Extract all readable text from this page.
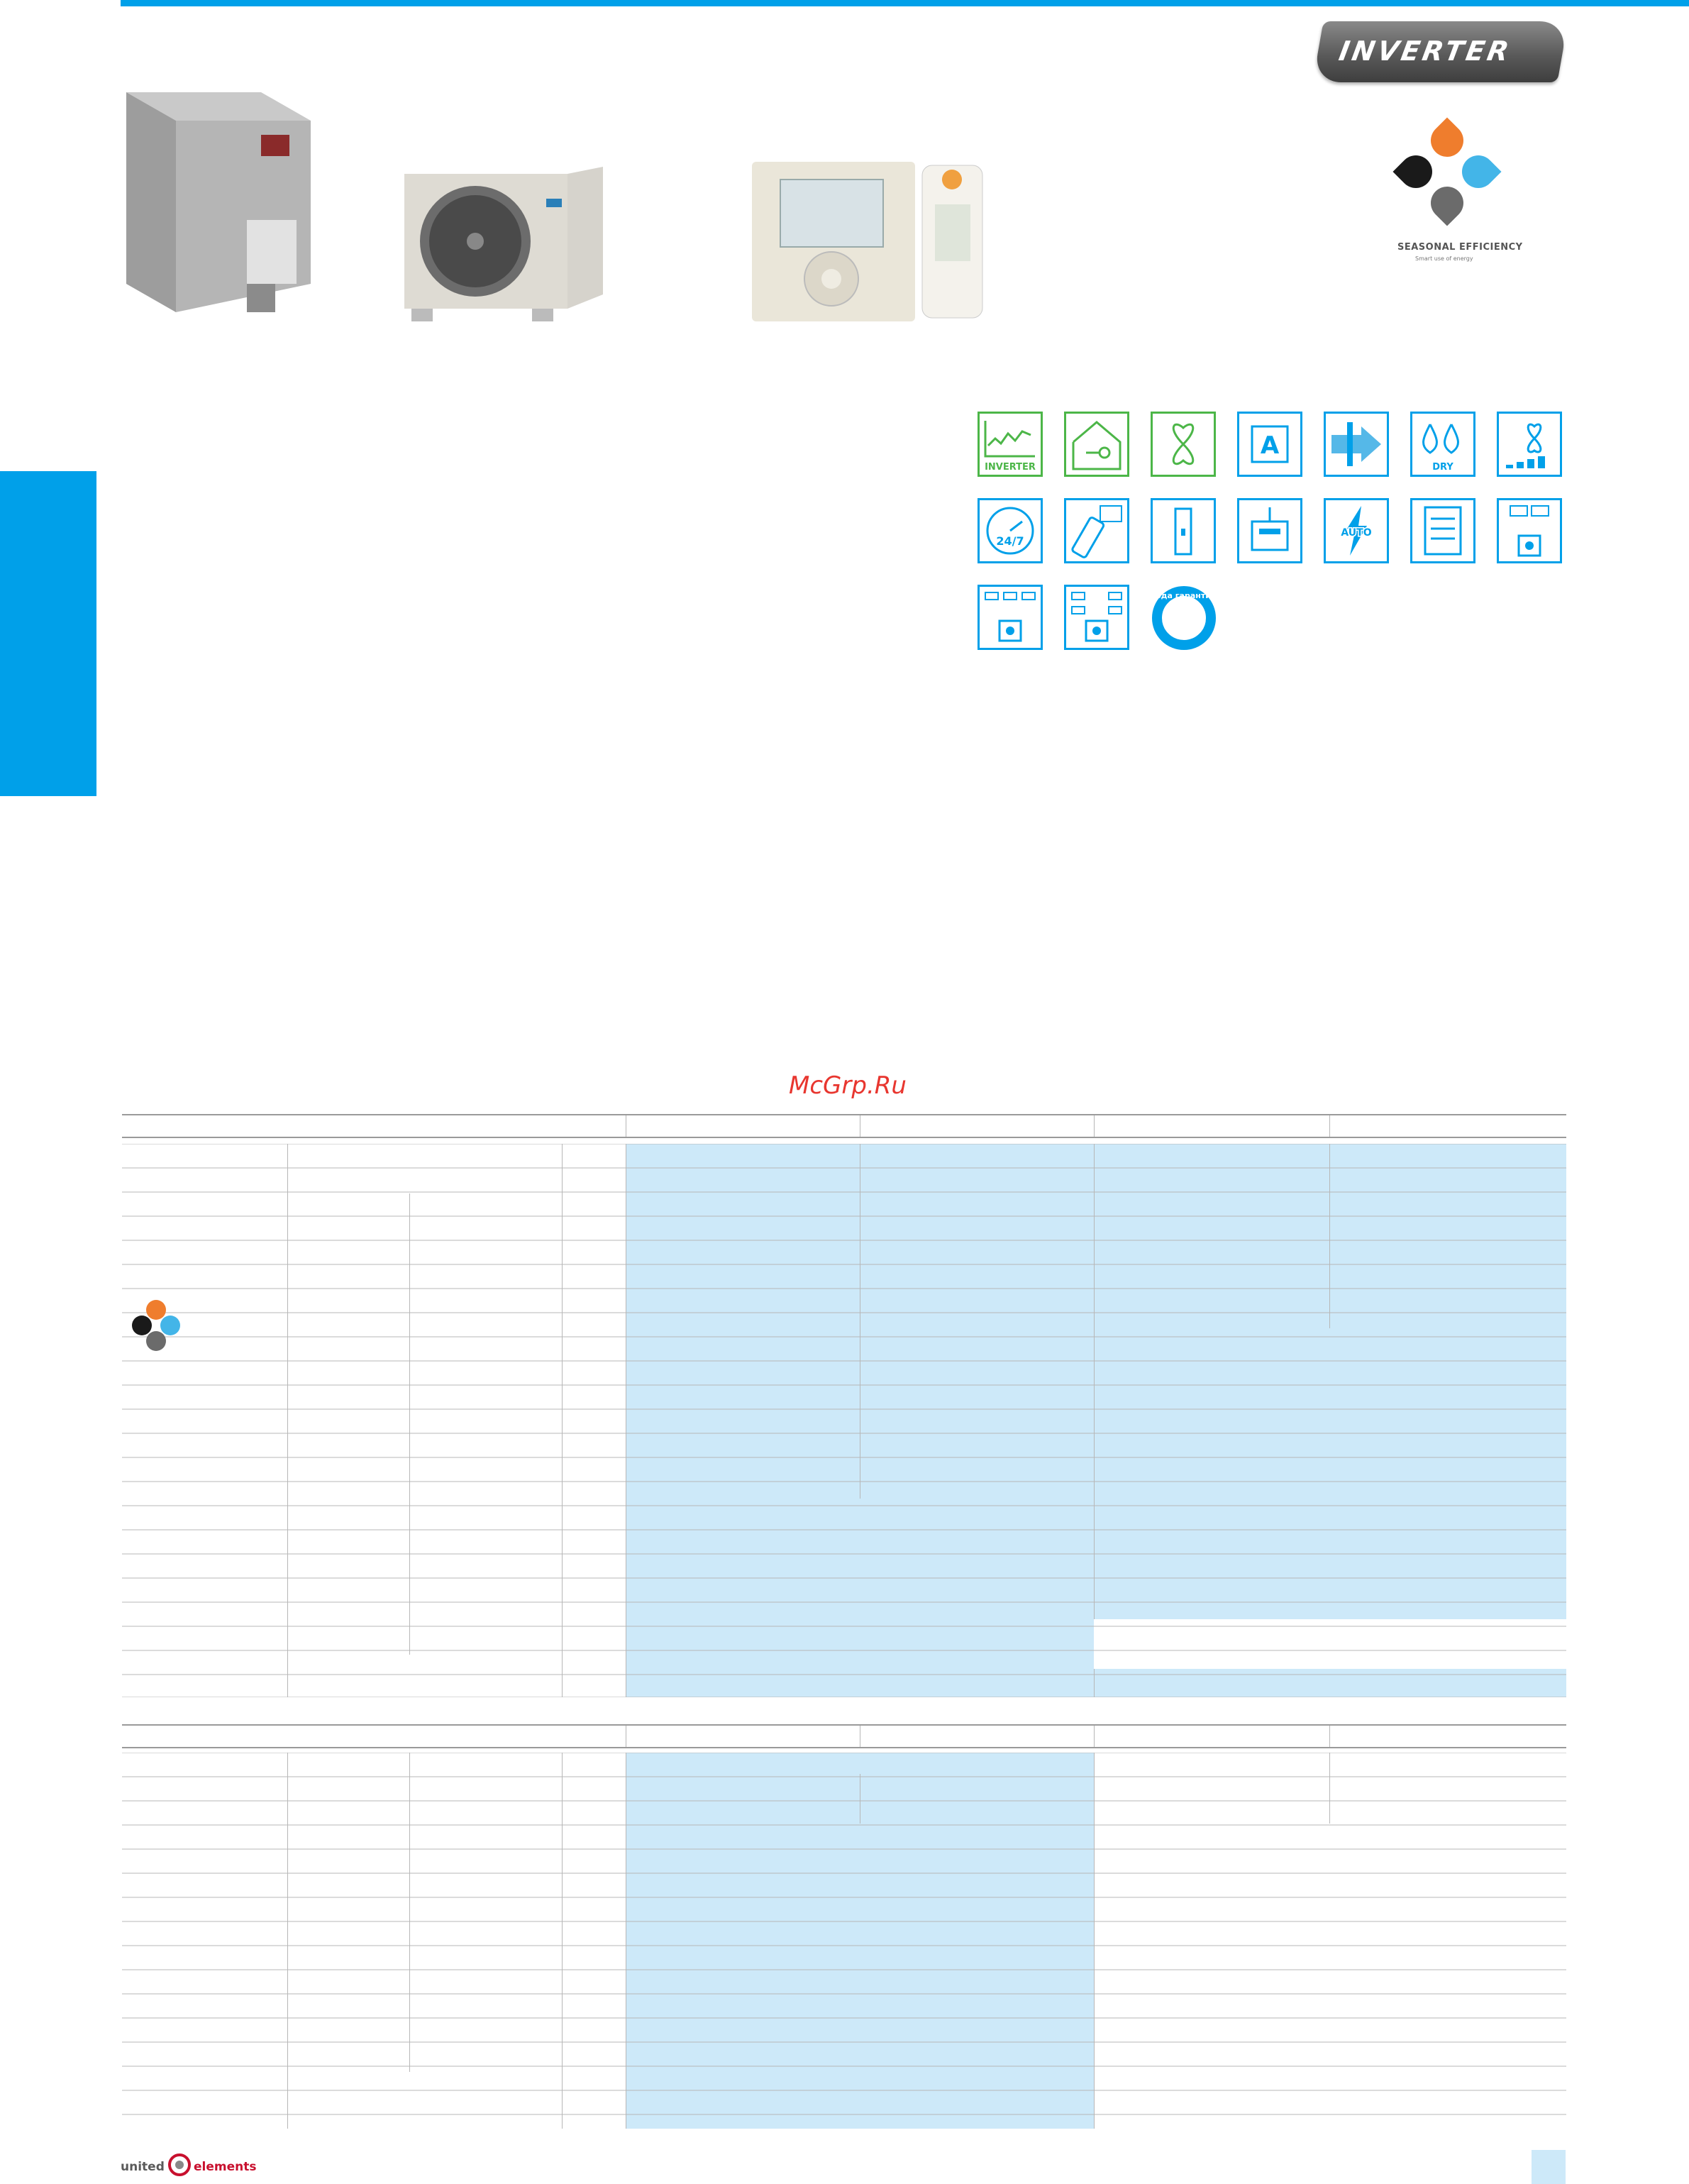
INVERTER
SEASONAL EFFICIENCY
Smart use of energy
INVERTER
A
DRY
24/7
AUTO
года гарантии
McGrp.Ru
united elements
